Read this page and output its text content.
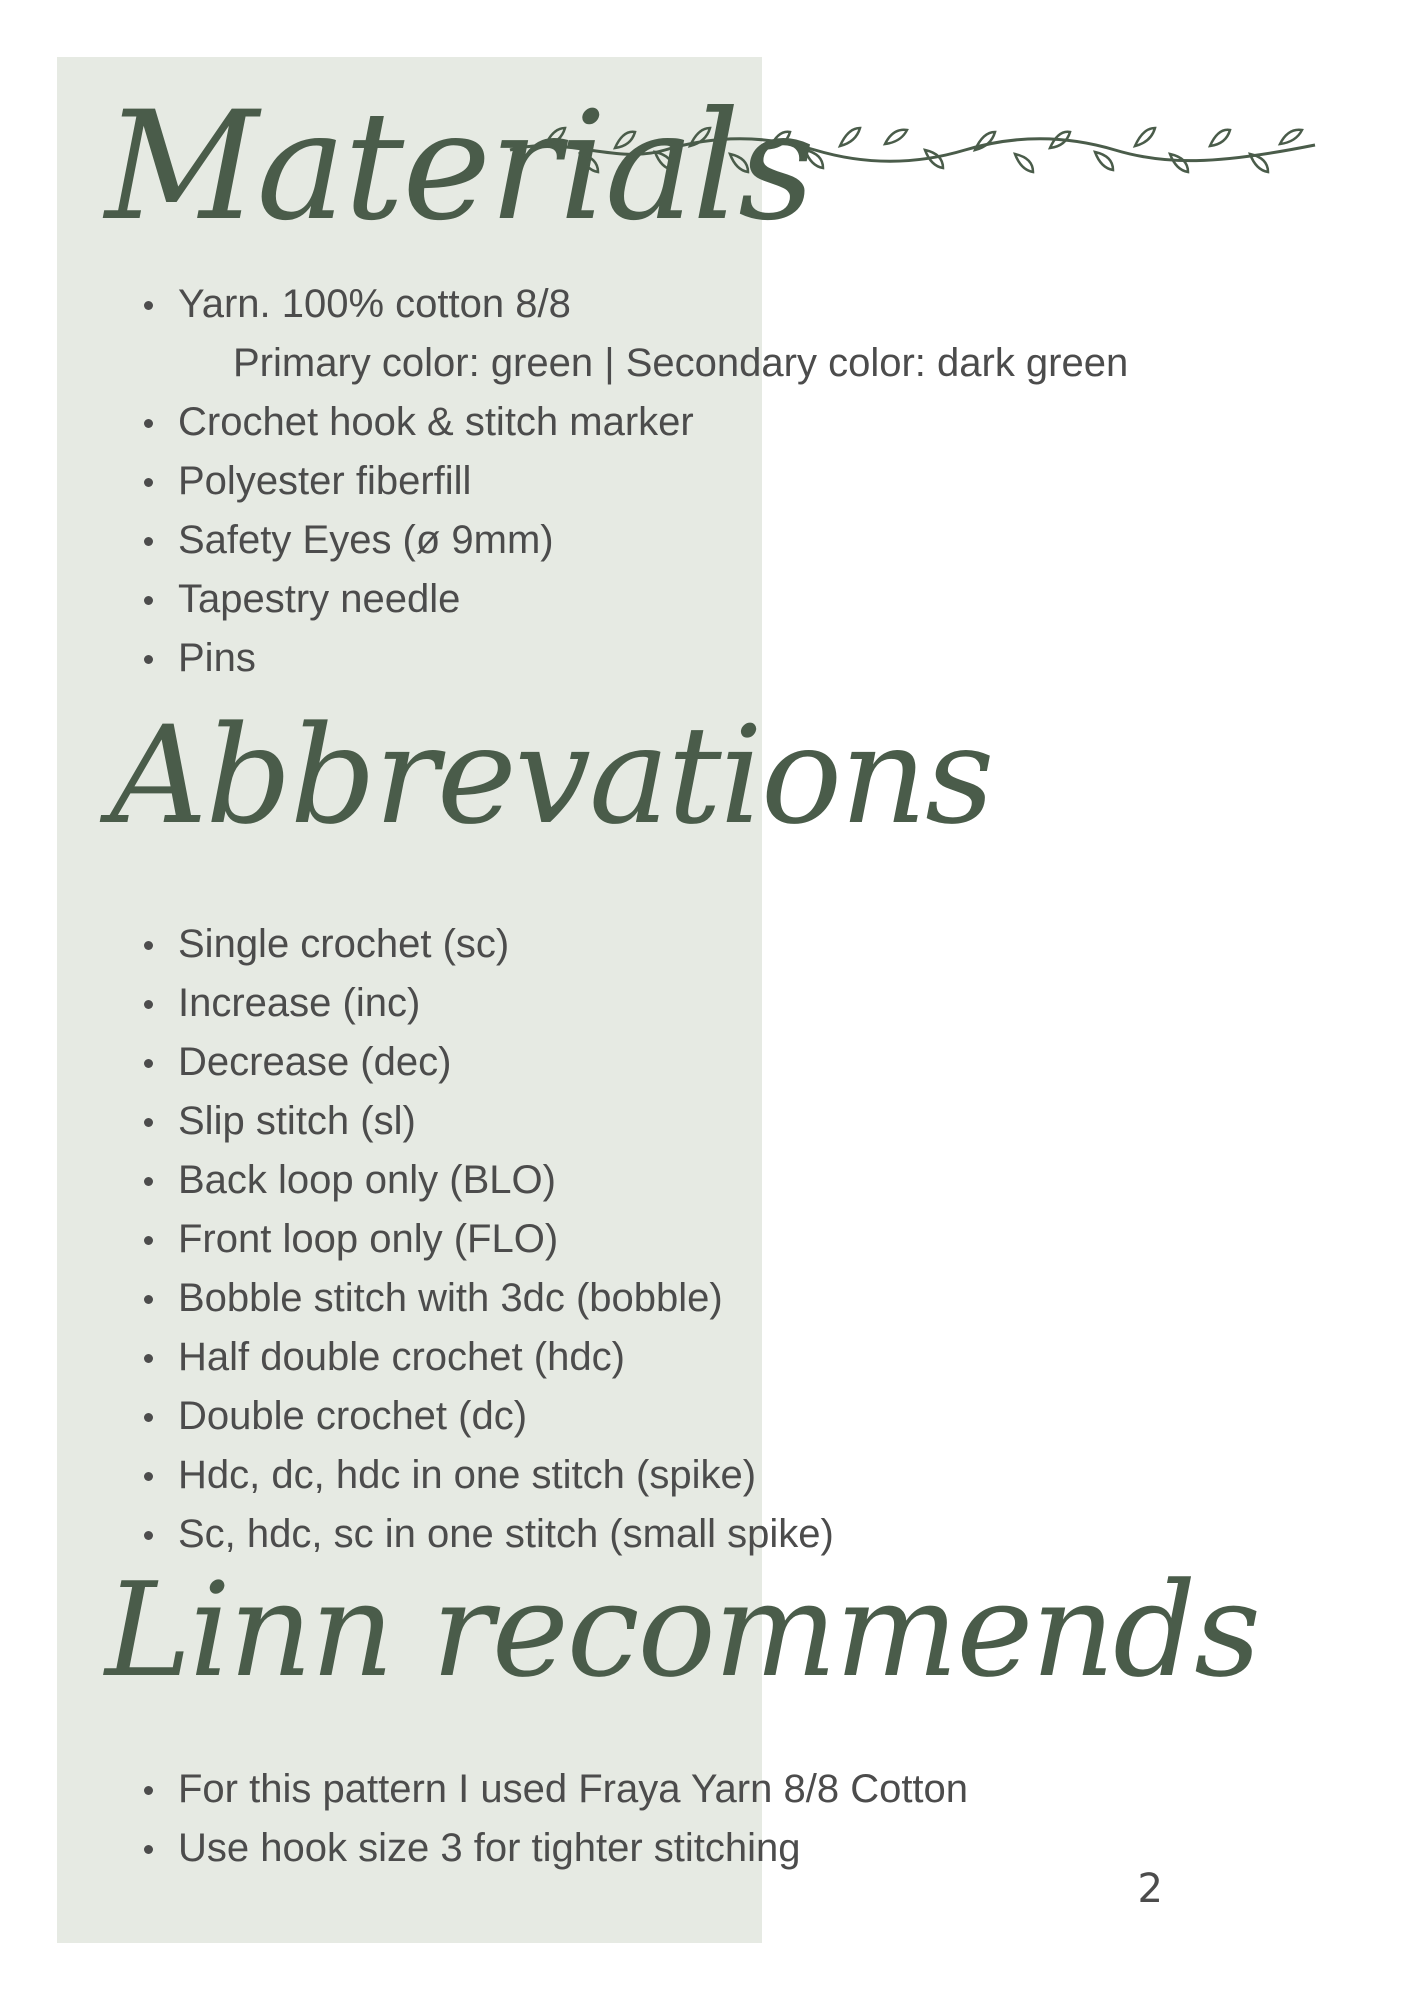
Materials
Yarn. 100% cotton 8/8
Primary color: green | Secondary color: dark green
Crochet hook & stitch marker
Polyester fiberfill
Safety Eyes (ø 9mm)
Tapestry needle
Pins
Abbrevations
Single crochet (sc)
Increase (inc)
Decrease (dec)
Slip stitch (sl)
Back loop only (BLO)
Front loop only (FLO)
Bobble stitch with 3dc (bobble)
Half double crochet (hdc)
Double crochet (dc)
Hdc, dc, hdc in one stitch (spike)
Sc, hdc, sc in one stitch (small spike)
Linn recommends
For this pattern I used Fraya Yarn 8/8 Cotton
Use hook size 3 for tighter stitching
2
